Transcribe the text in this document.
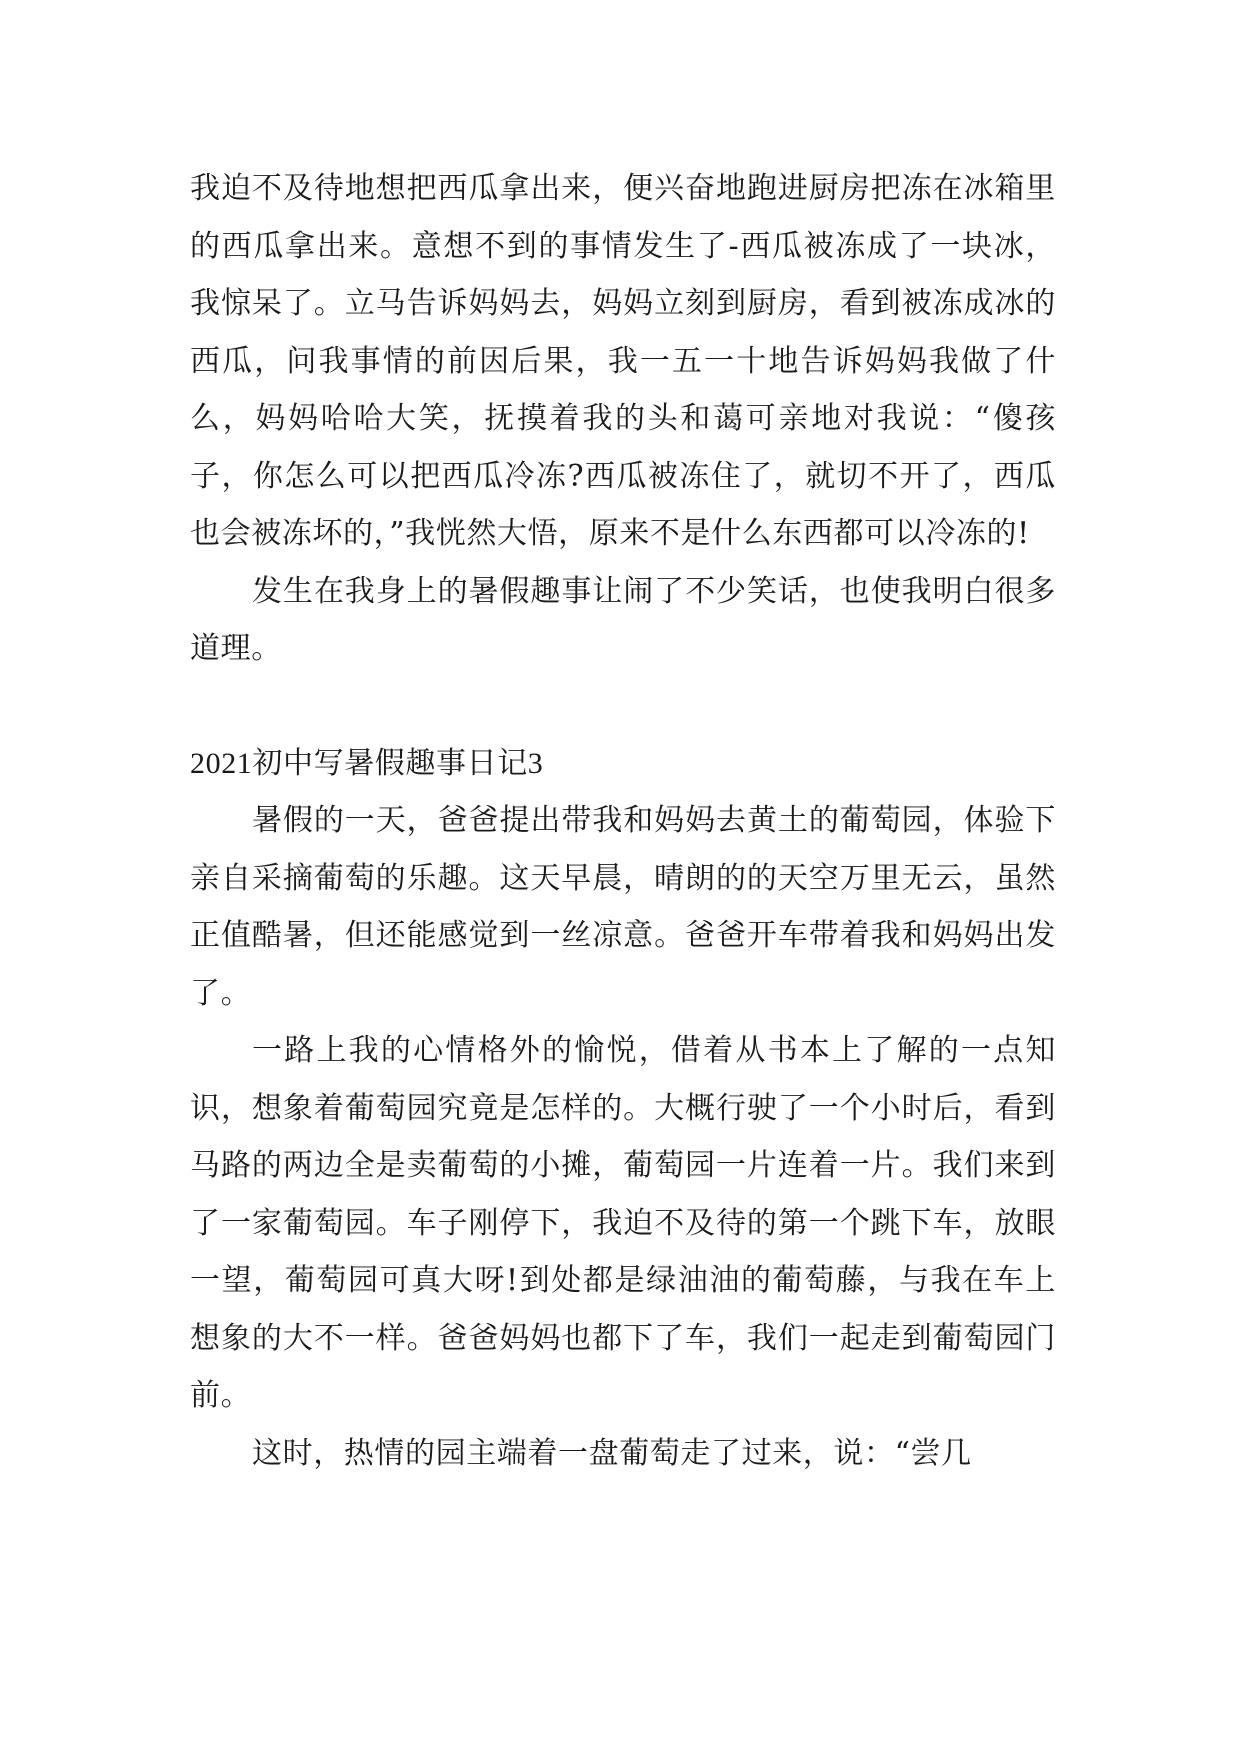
我迫不及待地想把西瓜拿出来，便兴奋地跑进厨房把冻在冰箱里的西瓜拿出来。意想不到的事情发生了-西瓜被冻成了一块冰，我惊呆了。立马告诉妈妈去，妈妈立刻到厨房，看到被冻成冰的西瓜，问我事情的前因后果，我一五一十地告诉妈妈我做了什么，妈妈哈哈大笑，抚摸着我的头和蔼可亲地对我说：“傻孩子，你怎么可以把西瓜冷冻?西瓜被冻住了，就切不开了，西瓜也会被冻坏的，”我恍然大悟，原来不是什么东西都可以冷冻的!

发生在我身上的暑假趣事让闹了不少笑话，也使我明白很多道理。

2021初中写暑假趣事日记3

暑假的一天，爸爸提出带我和妈妈去黄土的葡萄园，体验下亲自采摘葡萄的乐趣。这天早晨，晴朗的的天空万里无云，虽然正值酷暑，但还能感觉到一丝凉意。爸爸开车带着我和妈妈出发了。

一路上我的心情格外的愉悦，借着从书本上了解的一点知识，想象着葡萄园究竟是怎样的。大概行驶了一个小时后，看到马路的两边全是卖葡萄的小摊，葡萄园一片连着一片。我们来到了一家葡萄园。车子刚停下，我迫不及待的第一个跳下车，放眼一望，葡萄园可真大呀!到处都是绿油油的葡萄藤，与我在车上想象的大不一样。爸爸妈妈也都下了车，我们一起走到葡萄园门前。

这时，热情的园主端着一盘葡萄走了过来，说：“尝几
